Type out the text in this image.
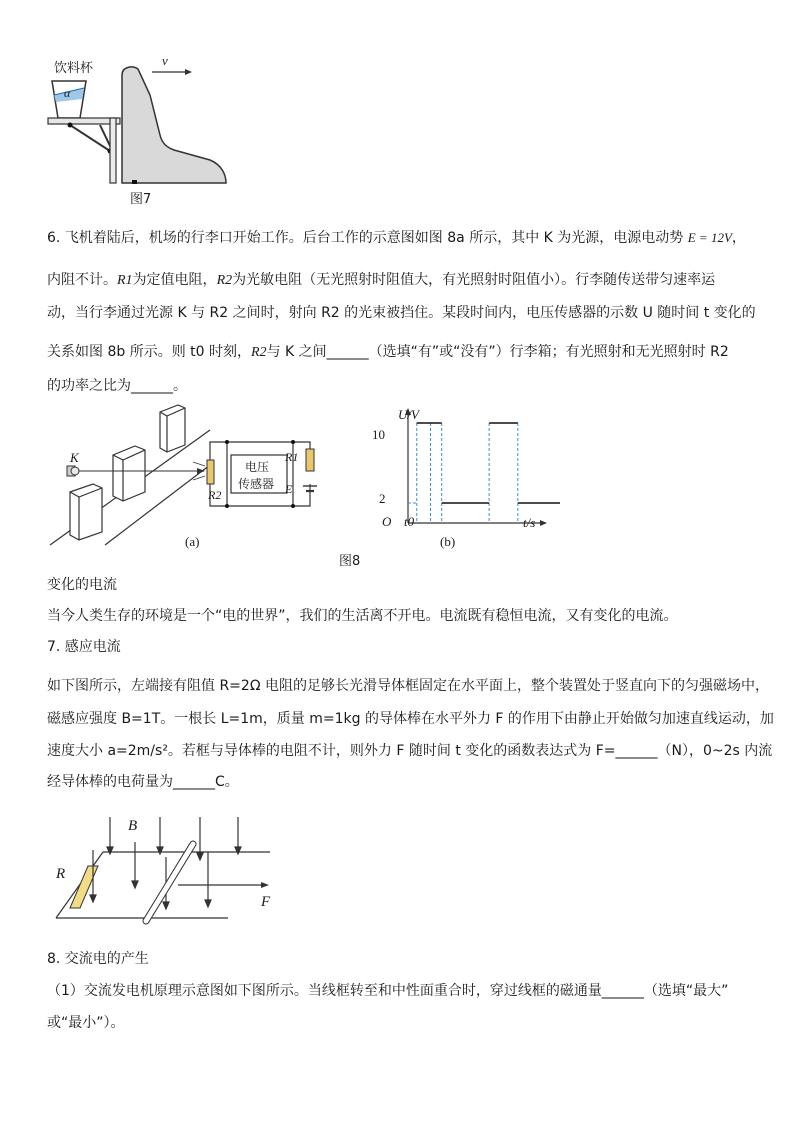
饮料杯
v
α
图7
6. 飞机着陆后，机场的行李口开始工作。后台工作的示意图如图 8a 所示，其中 K 为光源，电源电动势 E = 12V，
内阻不计。R1为定值电阻，R2为光敏电阻（无光照射时阻值大，有光照射时阻值小）。行李随传送带匀速率运
动，当行李通过光源 K 与 R2 之间时，射向 R2 的光束被挡住。某段时间内，电压传感器的示数 U 随时间 t 变化的
关系如图 8b 所示。则 t0 时刻，R2与 K 之间______（选填“有”或“没有”）行李箱；有光照射和无光照射时 R2
的功率之比为______。
K
电压
传感器
R1
R2	E
(a)
U/V
t/s
O t0
10
2
(b)
图8
变化的电流
当今人类生存的环境是一个“电的世界”，我们的生活离不开电。电流既有稳恒电流，又有变化的电流。
7. 感应电流
如下图所示，左端接有阻值 R=2Ω 电阻的足够长光滑导体框固定在水平面上，整个装置处于竖直向下的匀强磁场中，
磁感应强度 B=1T。一根长 L=1m，质量 m=1kg 的导体棒在水平外力 F 的作用下由静止开始做匀加速直线运动，加
速度大小 a=2m/s²。若框与导体棒的电阻不计，则外力 F 随时间 t 变化的函数表达式为 F=______（N），0~2s 内流
经导体棒的电荷量为______C。
B
R
F
8. 交流电的产生
（1）交流发电机原理示意图如下图所示。当线框转至和中性面重合时，穿过线框的磁通量______（选填“最大”
或“最小”）。
